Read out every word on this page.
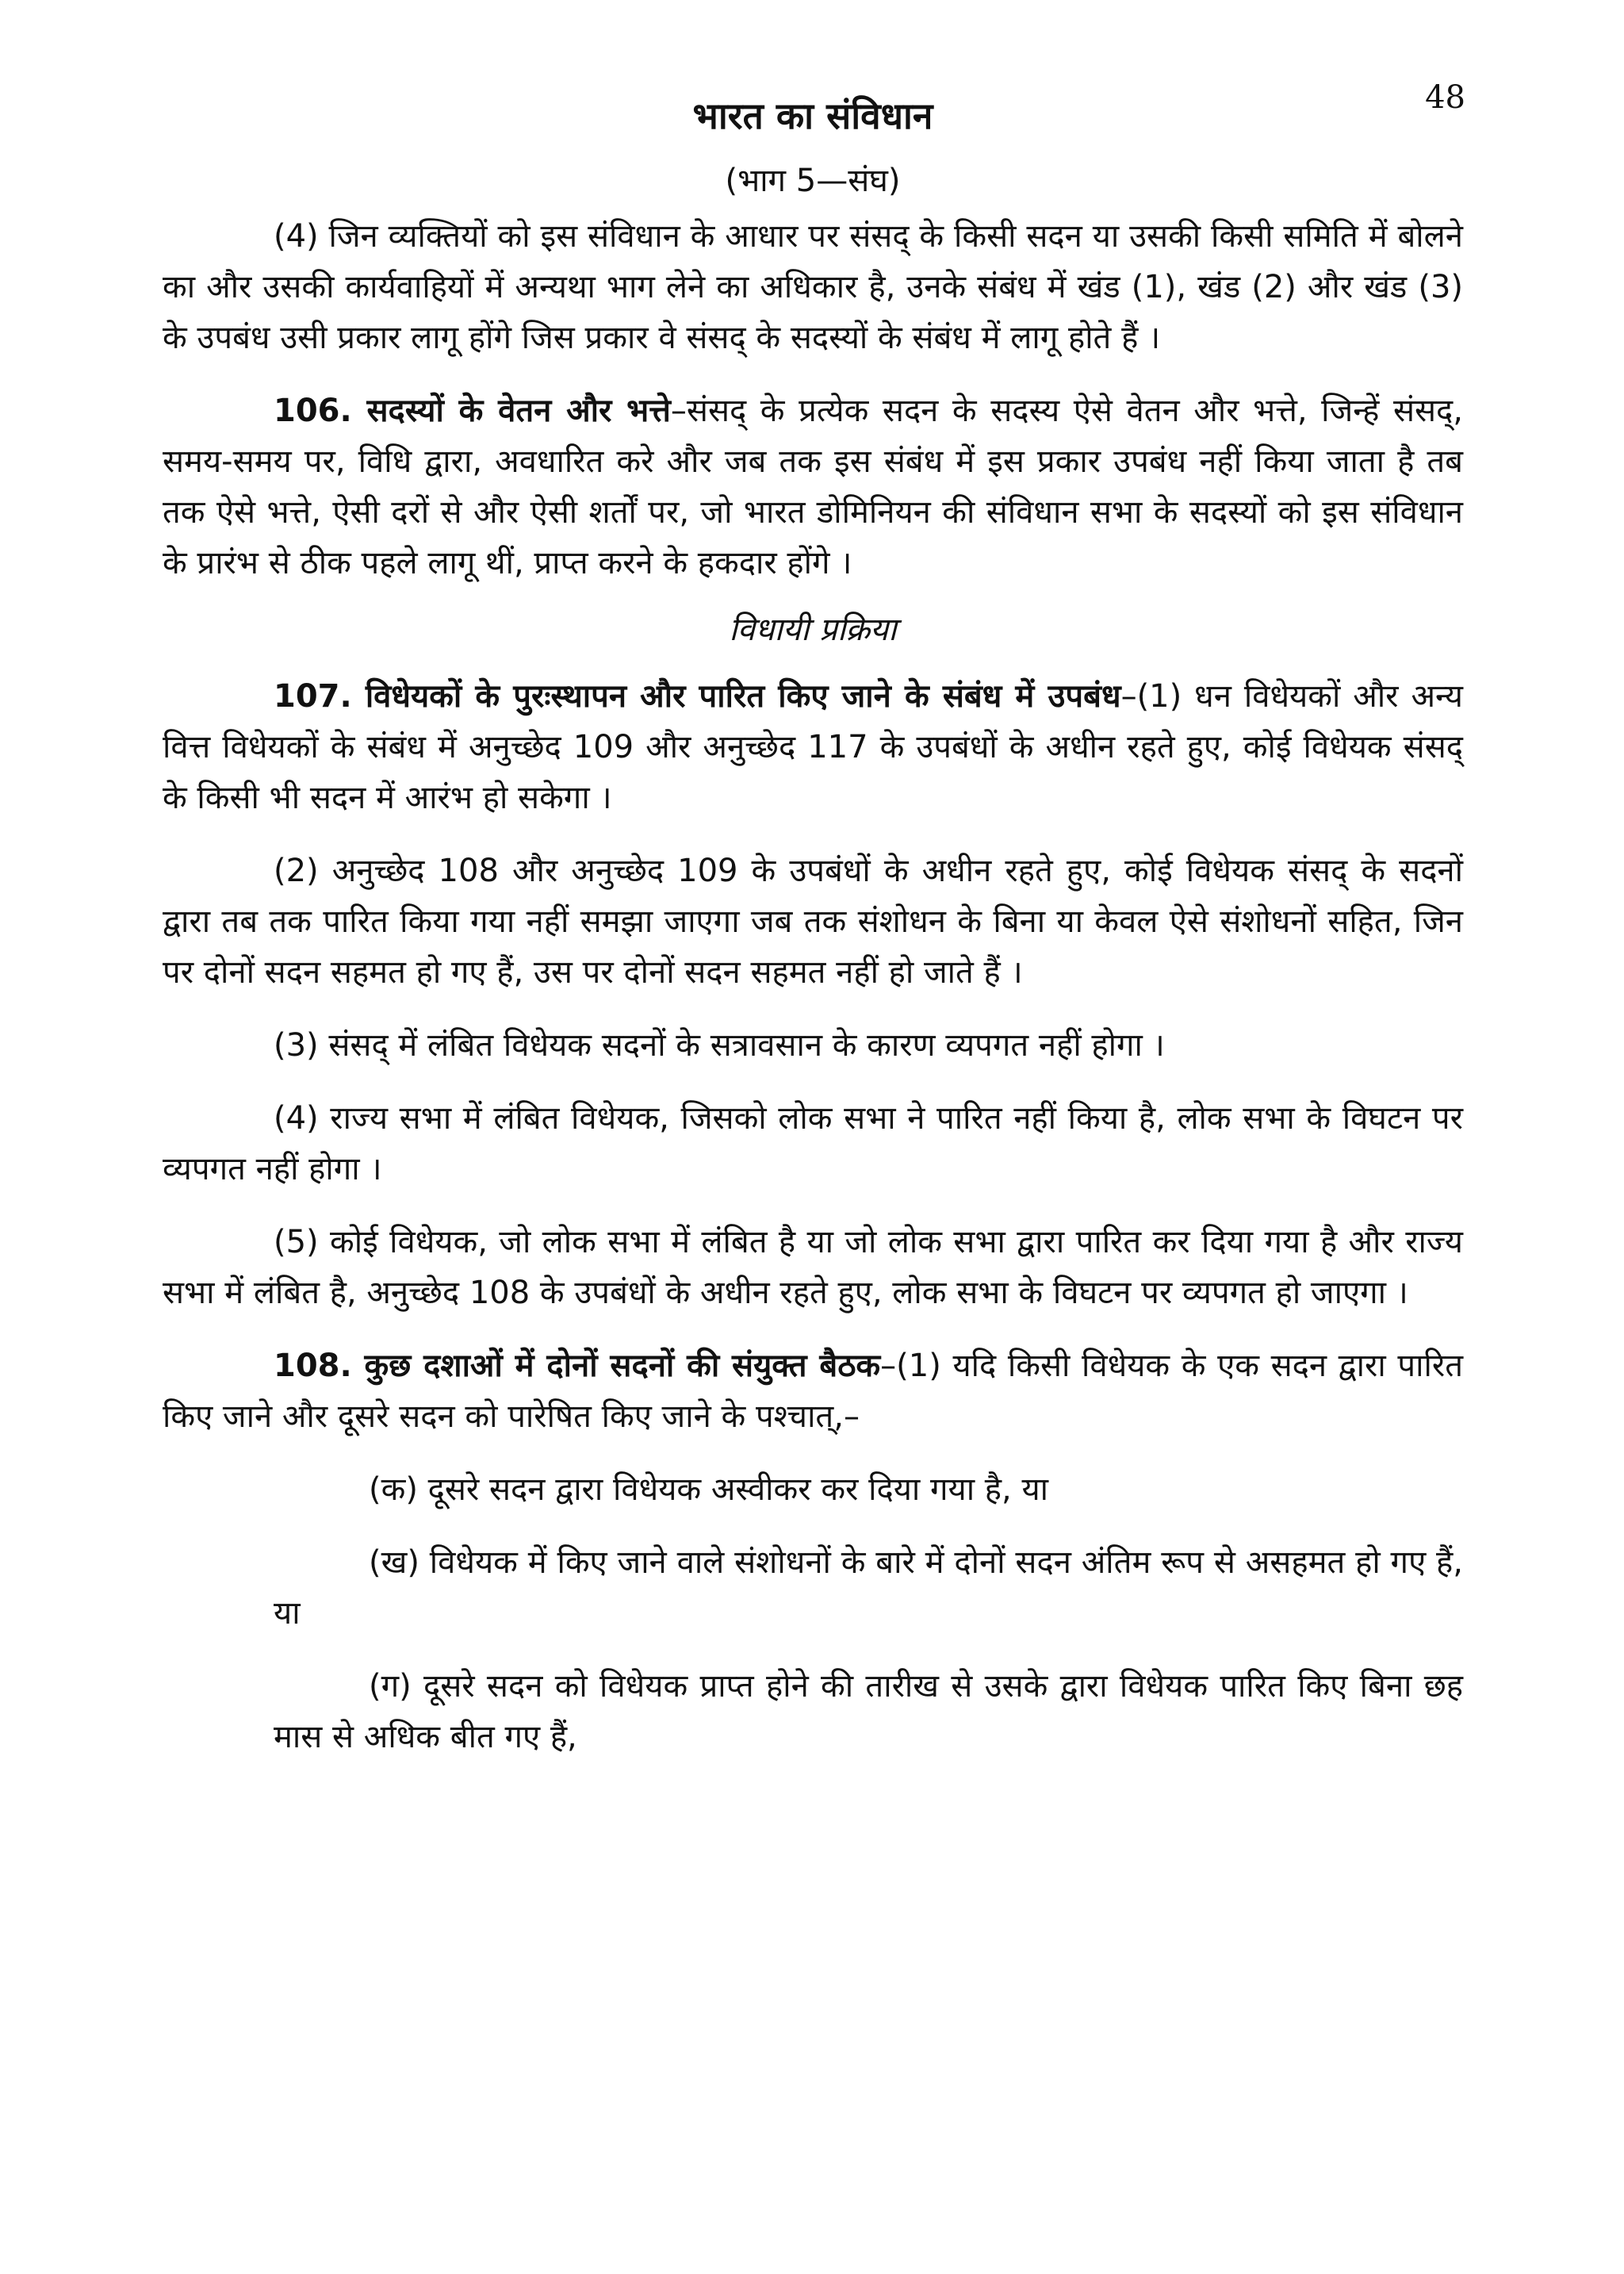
48
भारत का संविधान
(भाग 5—संघ)

(4) जिन व्यक्तियों को इस संविधान के आधार पर संसद् के किसी सदन या उसकी किसी समिति में बोलने का और उसकी कार्यवाहियों में अन्यथा भाग लेने का अधिकार है, उनके संबंध में खंड (1), खंड (2) और खंड (3) के उपबंध उसी प्रकार लागू होंगे जिस प्रकार वे संसद् के सदस्यों के संबंध में लागू होते हैं ।

106. सदस्यों के वेतन और भत्ते–संसद् के प्रत्येक सदन के सदस्य ऐसे वेतन और भत्ते, जिन्हें संसद्, समय-समय पर, विधि द्वारा, अवधारित करे और जब तक इस संबंध में इस प्रकार उपबंध नहीं किया जाता है तब तक ऐसे भत्ते, ऐसी दरों से और ऐसी शर्तों पर, जो भारत डोमिनियन की संविधान सभा के सदस्यों को इस संविधान के प्रारंभ से ठीक पहले लागू थीं, प्राप्त करने के हकदार होंगे ।

विधायी प्रक्रिया

107. विधेयकों के पुरःस्थापन और पारित किए जाने के संबंध में उपबंध–(1) धन विधेयकों और अन्य वित्त विधेयकों के संबंध में अनुच्छेद 109 और अनुच्छेद 117 के उपबंधों के अधीन रहते हुए, कोई विधेयक संसद् के किसी भी सदन में आरंभ हो सकेगा ।

(2) अनुच्छेद 108 और अनुच्छेद 109 के उपबंधों के अधीन रहते हुए, कोई विधेयक संसद् के सदनों द्वारा तब तक पारित किया गया नहीं समझा जाएगा जब तक संशोधन के बिना या केवल ऐसे संशोधनों सहित, जिन पर दोनों सदन सहमत हो गए हैं, उस पर दोनों सदन सहमत नहीं हो जाते हैं ।

(3) संसद् में लंबित विधेयक सदनों के सत्रावसान के कारण व्यपगत नहीं होगा ।

(4) राज्य सभा में लंबित विधेयक, जिसको लोक सभा ने पारित नहीं किया है, लोक सभा के विघटन पर व्यपगत नहीं होगा ।

(5) कोई विधेयक, जो लोक सभा में लंबित है या जो लोक सभा द्वारा पारित कर दिया गया है और राज्य सभा में लंबित है, अनुच्छेद 108 के उपबंधों के अधीन रहते हुए, लोक सभा के विघटन पर व्यपगत हो जाएगा ।

108. कुछ दशाओं में दोनों सदनों की संयुक्त बैठक–(1) यदि किसी विधेयक के एक सदन द्वारा पारित किए जाने और दूसरे सदन को पारेषित किए जाने के पश्चात्,–

(क) दूसरे सदन द्वारा विधेयक अस्वीकर कर दिया गया है, या
(ख) विधेयक में किए जाने वाले संशोधनों के बारे में दोनों सदन अंतिम रूप से असहमत हो गए हैं, या
(ग) दूसरे सदन को विधेयक प्राप्त होने की तारीख से उसके द्वारा विधेयक पारित किए बिना छह मास से अधिक बीत गए हैं,
